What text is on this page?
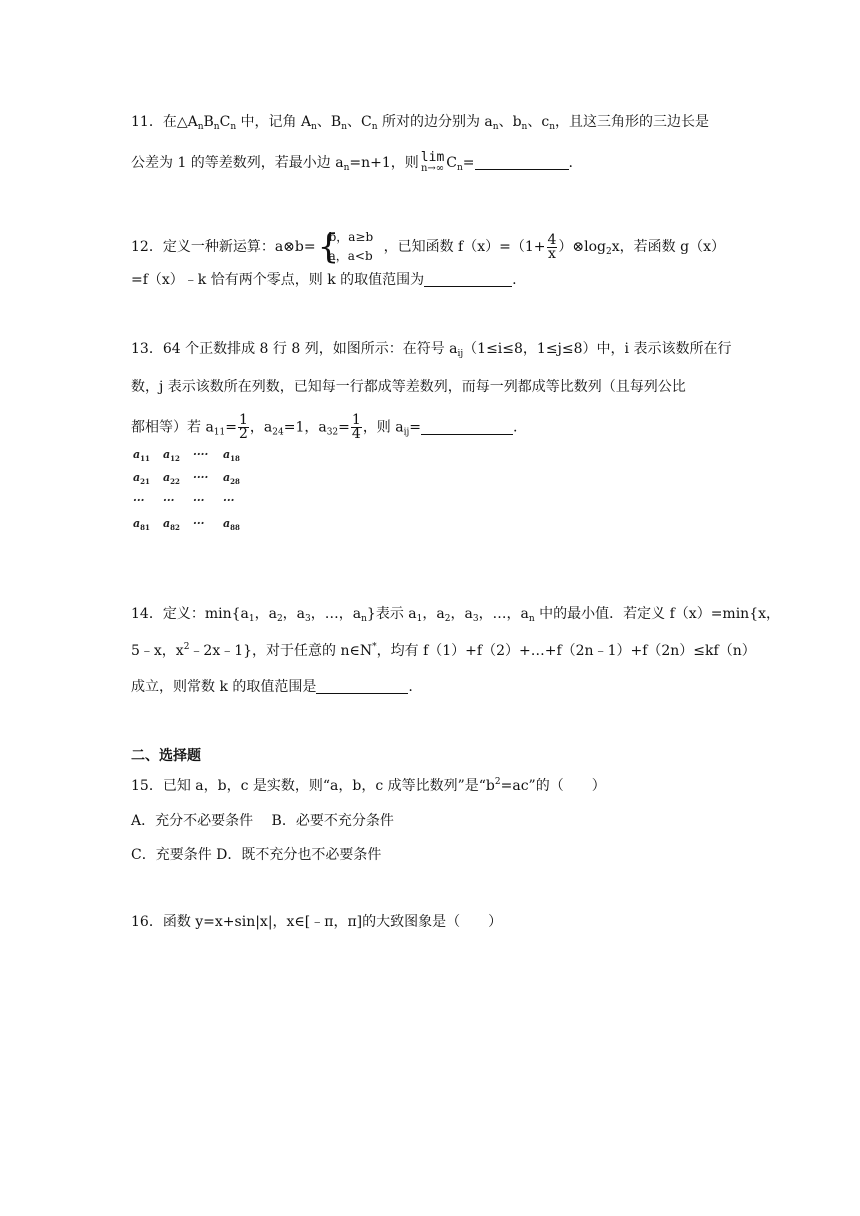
11．在$\triangle A_nB_nC_n$ 中，记角 $A_n$、$B_n$、$C_n$ 所对的边分别为 $a_n$、$b_n$、$c_n$，且这三角形的三边长是
公差为 1 的等差数列，若最小边 $a_n=n+1$，则 lim
n→∞ $C_n=$	.
12．定义一种新运算：a⊗b= {
b，a≥b
a，a<b
，已知函数 $f(x)=(1+ \frac{4}{x}$ ）$\otimes\log_2x$，若函数 g（x）
=f（x）﹣k 恰有两个零点，则 k 的取值范围为	.
13．64 个正数排成 8 行 8 列，如图所示：在符号 $a_{ij}(1\le i\le 8$，1≤j≤8）中，i 表示该数所在行
数，j 表示该数所在列数，已知每一行都成等差数列，而每一列都成等比数列（且每列公比
都相等）若 $a_{11}= \frac{1}{2}$ ，$a_{24}=1$，$a_{32}= \frac{1}{4}$ ，则 $a_{ij}=$	.
$a_{11}$	$a_{12}$	····	$a_{18}$
$a_{21}$	$a_{22}$	····	$a_{28}$
···	···	···	···
$a_{81}$	$a_{82}$	···	$a_{88}$
14．定义：$\min\{a_1$，$a_2$，$a_3$，…，$a_n$}表示 $a_1$，$a_2$，$a_3$，…，$a_n$ 中的最小值．若定义 f（x）=min{x，
5﹣x，$x^2﹣2x﹣1$}，对于任意的 n∈N*，均有 f（1）+f（2）+…+f（2n﹣1）+f（2n）≤kf（n）
成立，则常数 k 的取值范围是	.
二、选择题
15．已知 a，b，c 是实数，则“a，b，c 成等比数列”是“$b^2=ac$”的（　　）
A．充分不必要条件　 B．必要不充分条件
C．充要条件 D．既不充分也不必要条件
16．函数 y=x+sin|x|，x∈[﹣π，π]的大致图象是（　　）
